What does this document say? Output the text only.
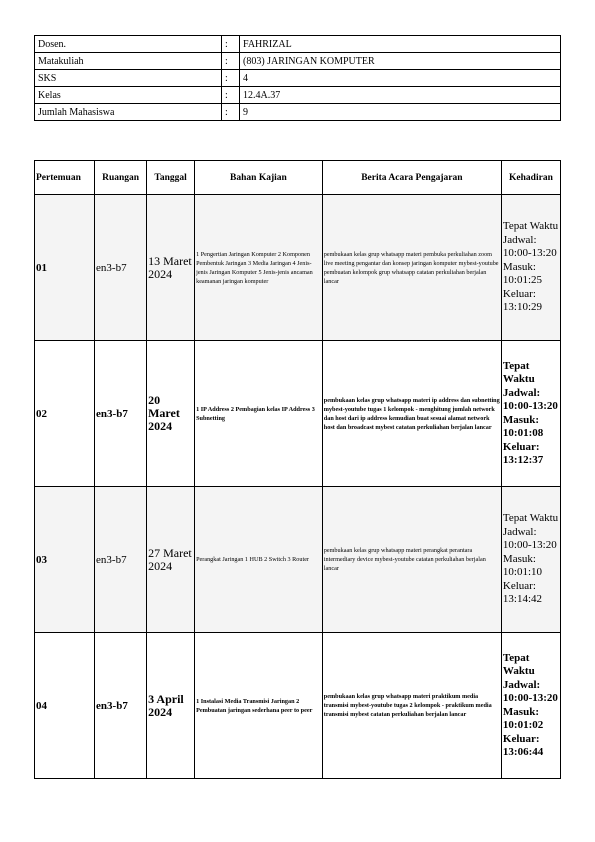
Dosen.	:	FAHRIZAL
Matakuliah	:	(803) JARINGAN KOMPUTER
SKS	:	4
Kelas	:	12.4A.37
Jumlah Mahasiswa	:	9
Pertemuan	Ruangan	Tanggal	Bahan Kajian	Berita Acara Pengajaran	Kehadiran
01	en3-b7	13 Maret 2024	1 Pengertian Jaringan Komputer 2 Komponen Pembentuk Jaringan 3 Media Jaringan 4 Jenis-jenis Jaringan Komputer 5 Jenis-jenis ancaman keamanan jaringan komputer	pembukaan kelas grup whatsapp materi pembuka perkuliahan zoom live meeting pengantar dan konsep jaringan komputer mybest-youtube pembuatan kelompok grup whatsapp catatan perkuliahan berjalan lancar	Tepat Waktu Jadwal: 10:00-13:20 Masuk: 10:01:25 Keluar: 13:10:29
02	en3-b7	20 Maret 2024	1 IP Address 2 Pembagian kelas IP Address 3 Subnetting	pembukaan kelas grup whatsapp materi ip address dan subnetting mybest-youtube tugas 1 kelompok - menghitung jumlah network dan host dari ip address kemudian buat sesuai alamat network host dan broadcast mybest catatan perkuliahan berjalan lancar	Tepat Waktu Jadwal: 10:00-13:20 Masuk: 10:01:08 Keluar: 13:12:37
03	en3-b7	27 Maret 2024	Perangkat Jaringan 1 HUB 2 Switch 3 Router	pembukaan kelas grup whatsapp materi perangkat perantara intermediary device mybest-youtube catatan perkuliahan berjalan lancar	Tepat Waktu Jadwal: 10:00-13:20 Masuk: 10:01:10 Keluar: 13:14:42
04	en3-b7	3 April 2024	1 Instalasi Media Transmisi Jaringan 2 Pembuatan jaringan sederhana peer to peer	pembukaan kelas grup whatsapp materi praktikum media transmisi mybest-youtube tugas 2 kelompok - praktikum media transmisi mybest catatan perkuliahan berjalan lancar	Tepat Waktu Jadwal: 10:00-13:20 Masuk: 10:01:02 Keluar: 13:06:44
